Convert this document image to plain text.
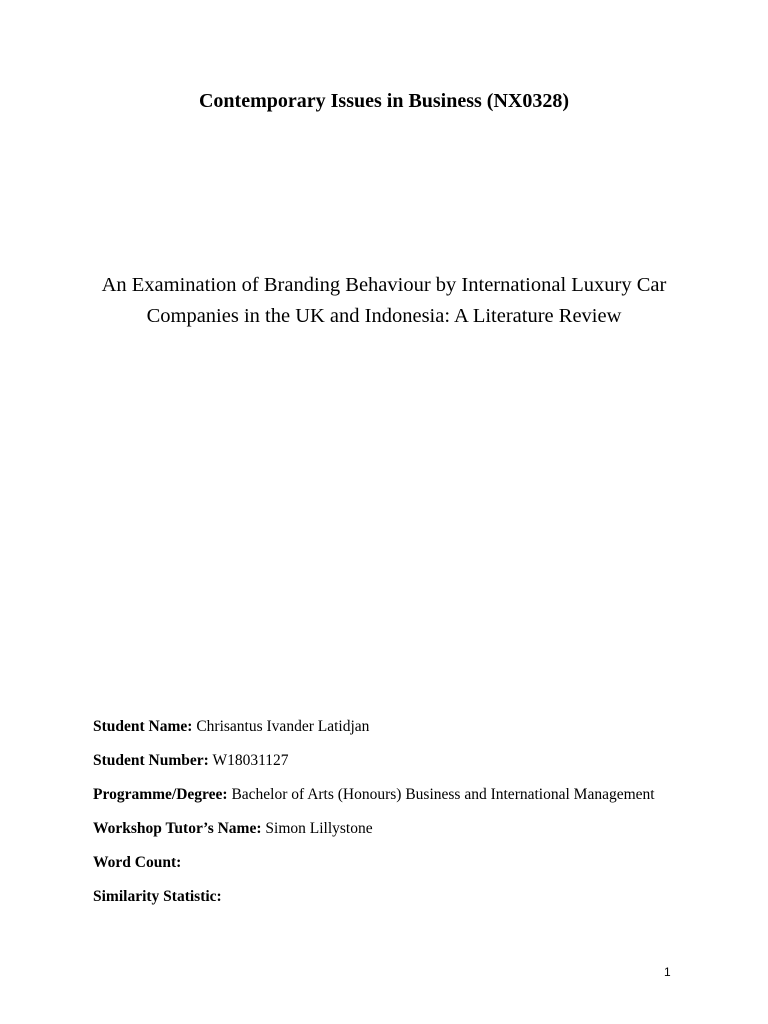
Contemporary Issues in Business (NX0328)
An Examination of Branding Behaviour by International Luxury Car Companies in the UK and Indonesia: A Literature Review
Student Name: Chrisantus Ivander Latidjan
Student Number: W18031127
Programme/Degree: Bachelor of Arts (Honours) Business and International Management
Workshop Tutor’s Name: Simon Lillystone
Word Count:
Similarity Statistic:
1
